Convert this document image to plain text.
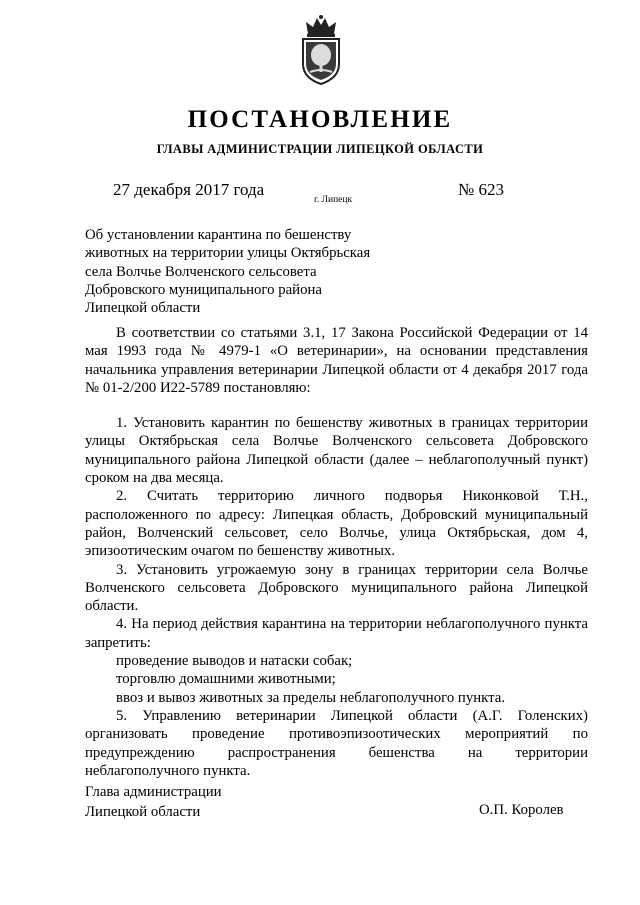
ПОСТАНОВЛЕНИЕ
ГЛАВЫ АДМИНИСТРАЦИИ ЛИПЕЦКОЙ ОБЛАСТИ
27 декабря 2017 года
г. Липецк
№ 623

Об установлении карантина по бешенству животных на территории улицы Октябрьская села Волчье Волченского сельсовета Добровского муниципального района Липецкой области

В соответствии со статьями 3.1, 17 Закона Российской Федерации от 14 мая 1993 года № 4979-1 «О ветеринарии», на основании представления начальника управления ветеринарии Липецкой области от 4 декабря 2017 года № 01-2/200 И22-5789 постановляю:

1. Установить карантин по бешенству животных в границах территории улицы Октябрьская села Волчье Волченского сельсовета Добровского муниципального района Липецкой области (далее – неблагополучный пункт) сроком на два месяца.

2. Считать территорию личного подворья Никонковой Т.Н., расположенного по адресу: Липецкая область, Добровский муниципальный район, Волченский сельсовет, село Волчье, улица Октябрьская, дом 4, эпизоотическим очагом по бешенству животных.

3. Установить угрожаемую зону в границах территории села Волчье Волченского сельсовета Добровского муниципального района Липецкой области.

4. На период действия карантина на территории неблагополучного пункта запретить:

проведение выводов и натаски собак;

торговлю домашними животными;

ввоз и вывоз животных за пределы неблагополучного пункта.

5. Управлению ветеринарии Липецкой области (А.Г. Голенских) организовать проведение противоэпизоотических мероприятий по предупреждению распространения бешенства на территории неблагополучного пункта.

Глава администрации
Липецкой области	О.П. Королев
